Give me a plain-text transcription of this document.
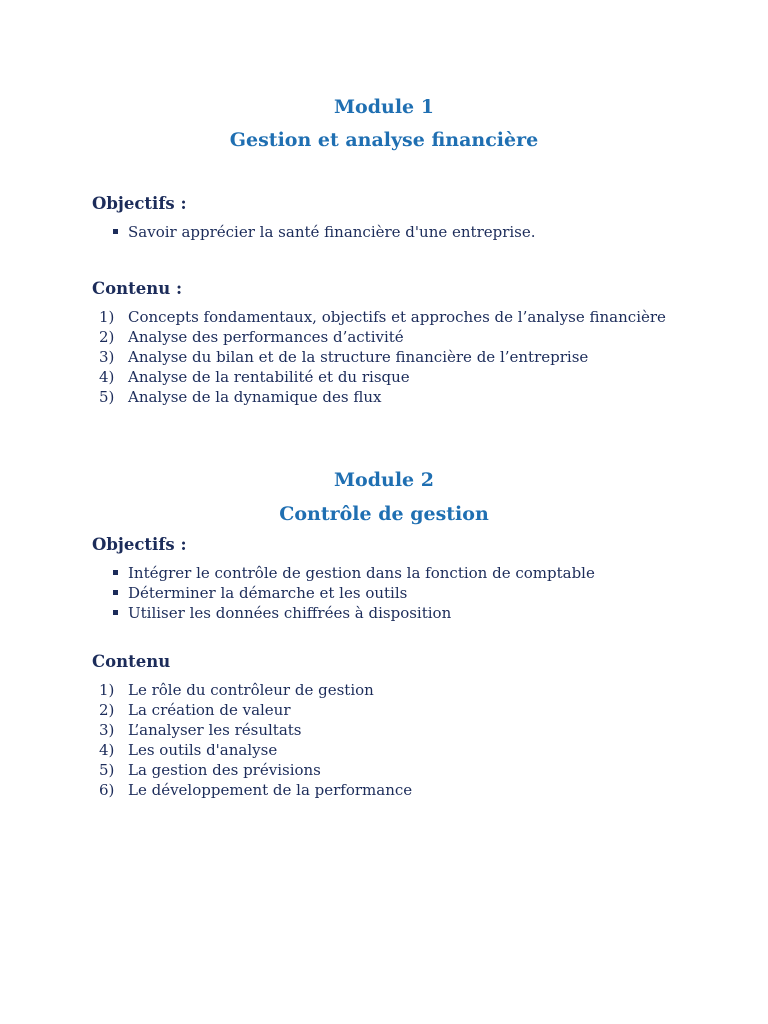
Module 1
Gestion et analyse financière
Objectifs :
Savoir apprécier la santé financière d'une entreprise.
Contenu :
1) Concepts fondamentaux, objectifs et approches de l’analyse financière
2) Analyse des performances d’activité
3) Analyse du bilan et de la structure financière de l’entreprise
4) Analyse de la rentabilité et du risque
5) Analyse de la dynamique des flux
Module 2
Contrôle de gestion
Objectifs :
Intégrer le contrôle de gestion dans la fonction de comptable
Déterminer la démarche et les outils
Utiliser les données chiffrées à disposition
Contenu
1) Le rôle du contrôleur de gestion
2) La création de valeur
3) L’analyser les résultats
4) Les outils d'analyse
5) La gestion des prévisions
6) Le développement de la performance
